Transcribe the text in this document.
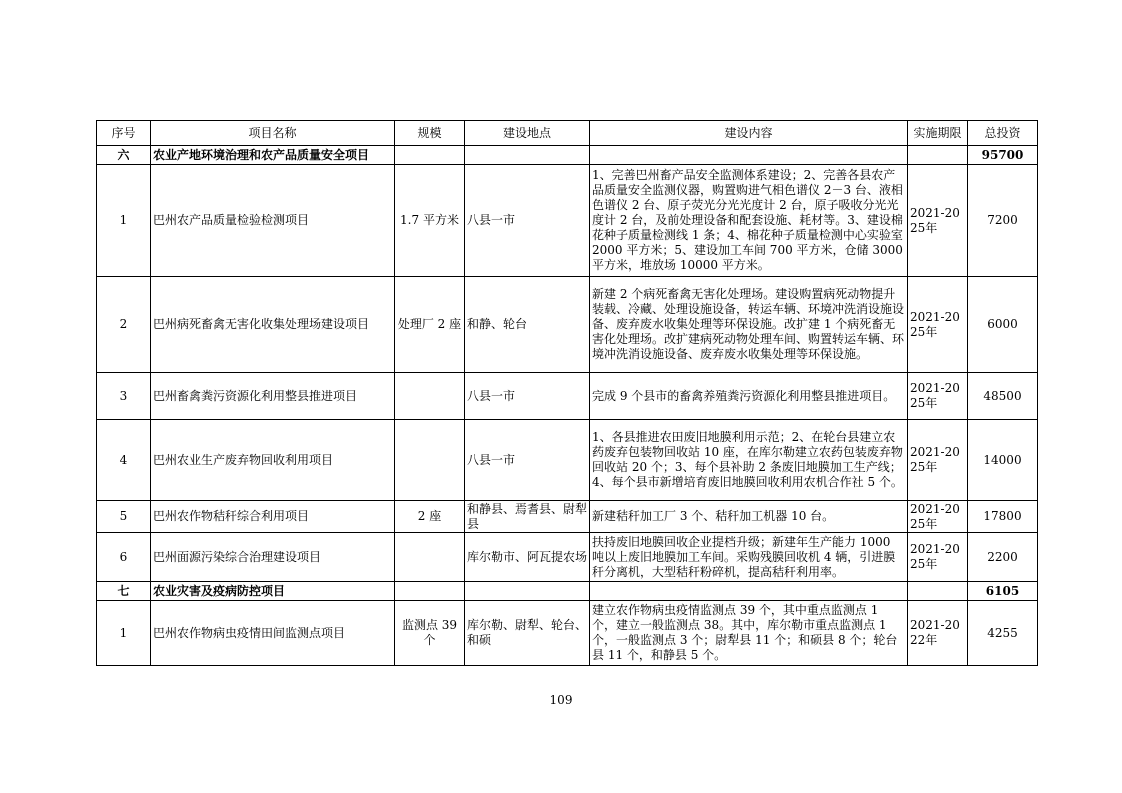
序号	项目名称	规模	建设地点	建设内容	实施期限	总投资
六	农业产地环境治理和农产品质量安全项目					95700
1	巴州农产品质量检验检测项目	1.7 平方米	八县一市	1、完善巴州畜产品安全监测体系建设；2、完善各县农产品质量安全监测仪器，购置购进气相色谱仪 2－3 台、液相色谱仪 2 台、原子荧光分光光度计 2 台，原子吸收分光光度计 2 台，及前处理设备和配套设施、耗材等。3、建设棉花种子质量检测线 1 条；4、棉花种子质量检测中心实验室 2000 平方米；5、建设加工车间 700 平方米，仓储 3000 平方米，堆放场 10000 平方米。	2021-2025年	7200
2	巴州病死畜禽无害化收集处理场建设项目	处理厂 2 座	和静、轮台	新建 2 个病死畜禽无害化处理场。建设购置病死动物提升装载、冷藏、处理设施设备，转运车辆、环境冲洗消设施设备、废弃废水收集处理等环保设施。改扩建 1 个病死畜无害化处理场。改扩建病死动物处理车间、购置转运车辆、环境冲洗消设施设备、废弃废水收集处理等环保设施。	2021-2025年	6000
3	巴州畜禽粪污资源化利用整县推进项目		八县一市	完成 9 个县市的畜禽养殖粪污资源化利用整县推进项目。	2021-2025年	48500
4	巴州农业生产废弃物回收利用项目		八县一市	1、各县推进农田废旧地膜利用示范；2、在轮台县建立农药废弃包装物回收站 10 座，在库尔勒建立农药包装废弃物回收站 20 个；3、每个县补助 2 条废旧地膜加工生产线；4、每个县市新增培育废旧地膜回收利用农机合作社 5 个。	2021-2025年	14000
5	巴州农作物秸秆综合利用项目	2 座	和静县、焉耆县、尉犁县	新建秸秆加工厂 3 个、秸秆加工机器 10 台。	2021-2025年	17800
6	巴州面源污染综合治理建设项目		库尔勒市、阿瓦提农场	扶持废旧地膜回收企业提档升级；新建年生产能力 1000 吨以上废旧地膜加工车间。采购残膜回收机 4 辆，引进膜秆分离机，大型秸秆粉碎机，提高秸秆利用率。	2021-2025年	2200
七	农业灾害及疫病防控项目					6105
1	巴州农作物病虫疫情田间监测点项目	监测点 39 个	库尔勒、尉犁、轮台、和硕	建立农作物病虫疫情监测点 39 个，其中重点监测点 1 个，建立一般监测点 38。其中，库尔勒市重点监测点 1 个，一般监测点 3 个；尉犁县 11 个；和硕县 8 个；轮台县 11 个，和静县 5 个。	2021-2022年	4255
109
